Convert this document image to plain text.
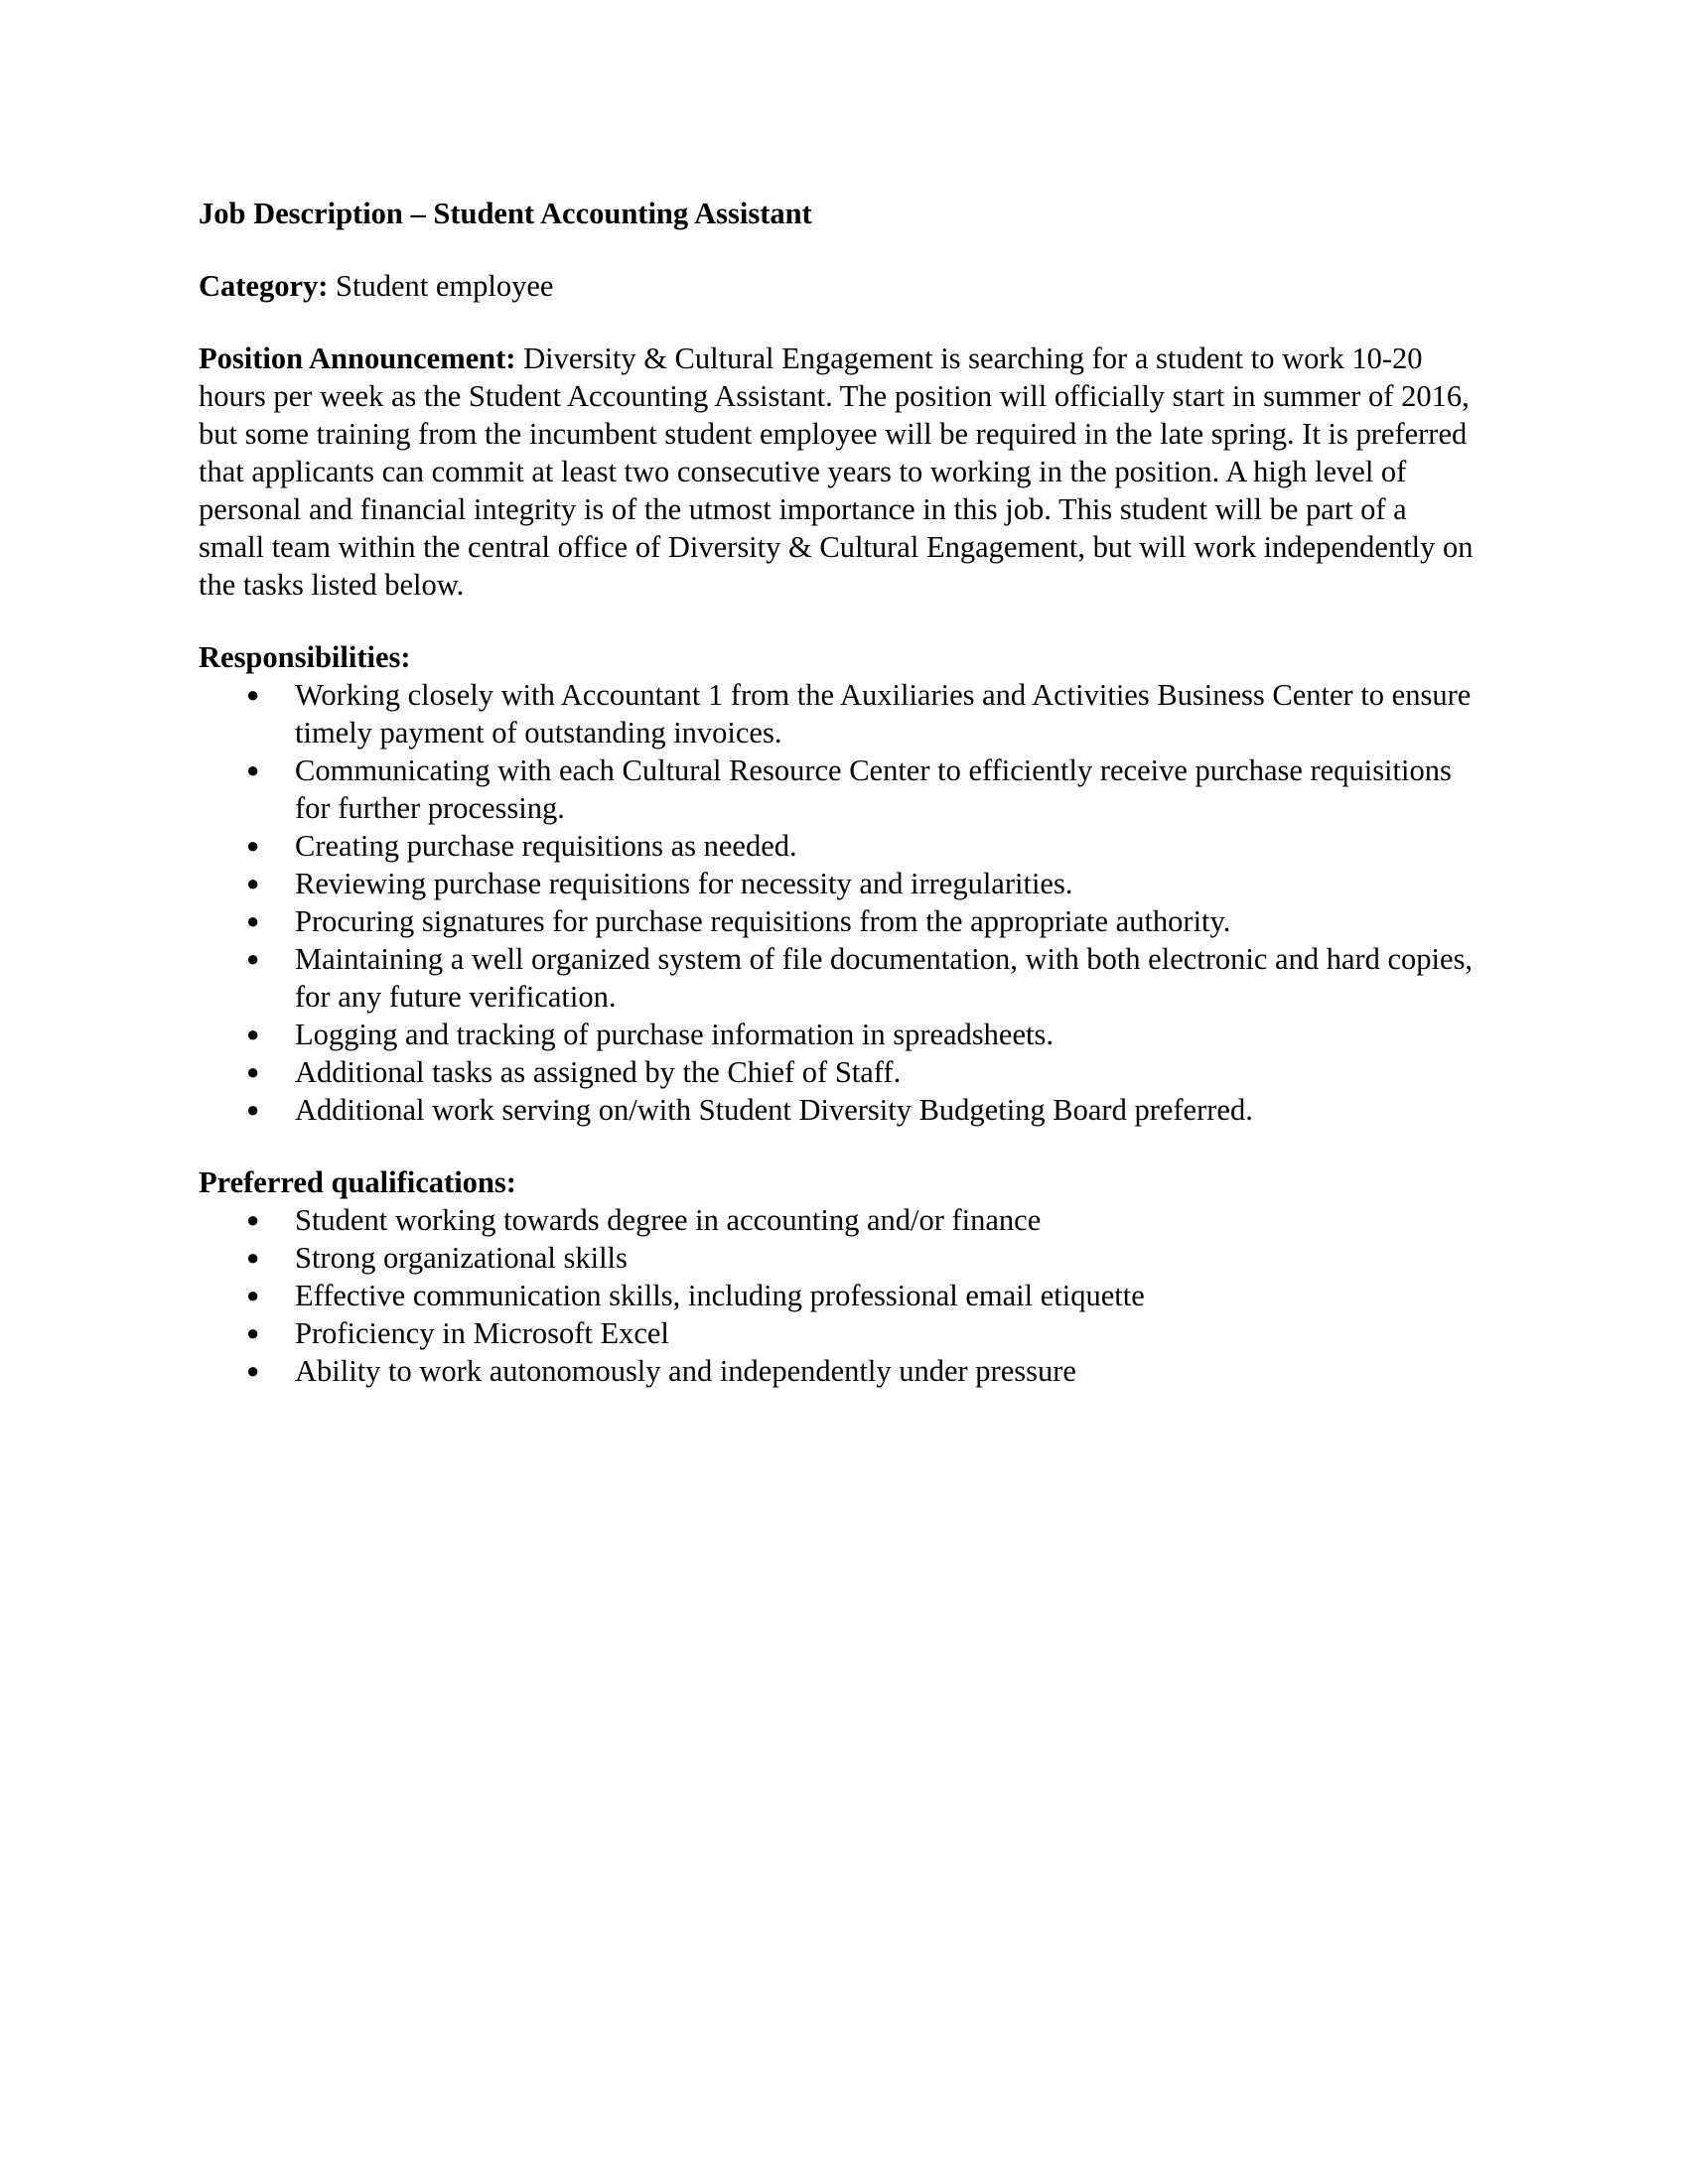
Job Description – Student Accounting Assistant

Category: Student employee

Position Announcement: Diversity & Cultural Engagement is searching for a student to work 10-20 hours per week as the Student Accounting Assistant. The position will officially start in summer of 2016, but some training from the incumbent student employee will be required in the late spring. It is preferred that applicants can commit at least two consecutive years to working in the position. A high level of personal and financial integrity is of the utmost importance in this job. This student will be part of a small team within the central office of Diversity & Cultural Engagement, but will work independently on the tasks listed below.

Responsibilities:

● Working closely with Accountant 1 from the Auxiliaries and Activities Business Center to ensure timely payment of outstanding invoices.
● Communicating with each Cultural Resource Center to efficiently receive purchase requisitions for further processing.
● Creating purchase requisitions as needed.
● Reviewing purchase requisitions for necessity and irregularities.
● Procuring signatures for purchase requisitions from the appropriate authority.
● Maintaining a well organized system of file documentation, with both electronic and hard copies, for any future verification.
● Logging and tracking of purchase information in spreadsheets.
● Additional tasks as assigned by the Chief of Staff.
● Additional work serving on/with Student Diversity Budgeting Board preferred.

Preferred qualifications:

● Student working towards degree in accounting and/or finance
● Strong organizational skills
● Effective communication skills, including professional email etiquette
● Proficiency in Microsoft Excel
● Ability to work autonomously and independently under pressure
